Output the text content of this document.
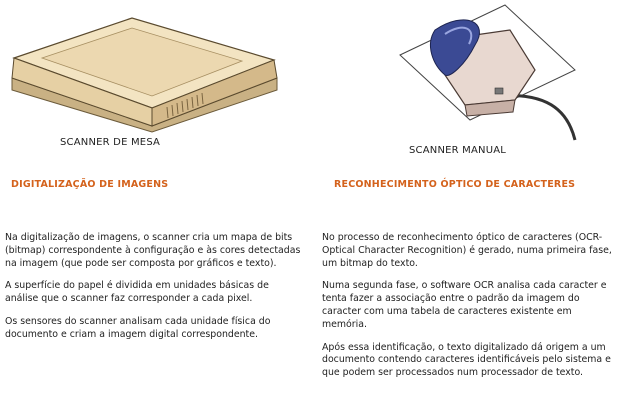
SCANNER DE MESA
SCANNER MANUAL
DIGITALIZAÇÃO DE IMAGENS	RECONHECIMENTO ÓPTICO DE CARACTERES

Na digitalização de imagens, o scanner cria um mapa de bits (bitmap) correspondente à configuração e às cores detectadas na imagem (que pode ser composta por gráficos e texto).

A superfície do papel é dividida em unidades básicas de análise que o scanner faz corresponder a cada pixel.

Os sensores do scanner analisam cada unidade física do documento e criam a imagem digital correspondente.

No processo de reconhecimento óptico de caracteres (OCR-Optical Character Recognition) é gerado, numa primeira fase, um bitmap do texto.

Numa segunda fase, o software OCR analisa cada caracter e tenta fazer a associação entre o padrão da imagem do caracter com uma tabela de caracteres existente em memória.

Após essa identificação, o texto digitalizado dá origem a um documento contendo caracteres identificáveis pelo sistema e que podem ser processados num processador de texto.
